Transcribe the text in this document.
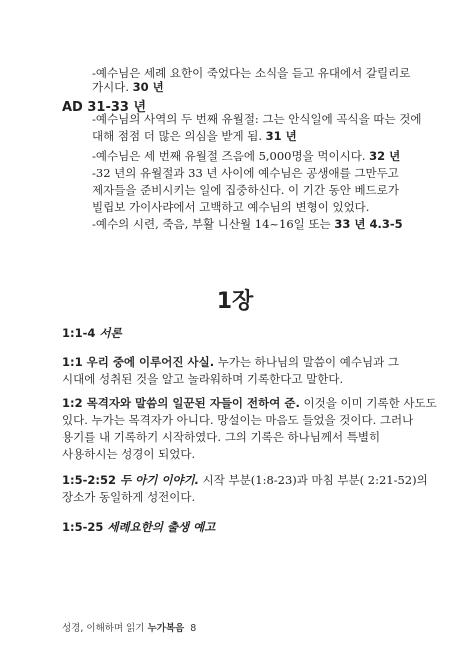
-예수님은 세례 요한이 죽었다는 소식을 듣고 유대에서 갈릴리로
가시다. 30 년
AD 31-33 년
-예수님의 사역의 두 번째 유월절: 그는 안식일에 곡식을 따는 것에
대해 점점 더 많은 의심을 받게 됨. 31 년
-예수님은 세 번째 유월절 즈음에 5,000명을 먹이시다. 32 년
-32 년의 유월절과 33 년 사이에 예수님은 공생애를 그만두고
제자들을 준비시키는 일에 집중하신다. 이 기간 동안 베드로가
빌립보 가이사랴에서 고백하고 예수님의 변형이 있었다.
-예수의 시련, 죽음, 부활 니산월 14~16일 또는 33 년 4.3-5
1장
1:1-4 서론
1:1 우리 중에 이루어진 사실. 누가는 하나님의 말씀이 예수님과 그
시대에 성취된 것을 알고 놀라워하며 기록한다고 말한다.
1:2 목격자와 말씀의 일꾼된 자들이 전하여 준. 이것을 이미 기록한 사도도
있다. 누가는 목격자가 아니다. 망설이는 마음도 들었을 것이다. 그러나
용기를 내 기록하기 시작하였다. 그의 기록은 하나님께서 특별히
사용하시는 성경이 되었다.
1:5-2:52 두 아기 이야기. 시작 부분(1:8-23)과 마침 부분( 2:21-52)의
장소가 동일하게 성전이다.
1:5-25 세례요한의 출생 예고
성경, 이해하며 읽기 누가복음 8
